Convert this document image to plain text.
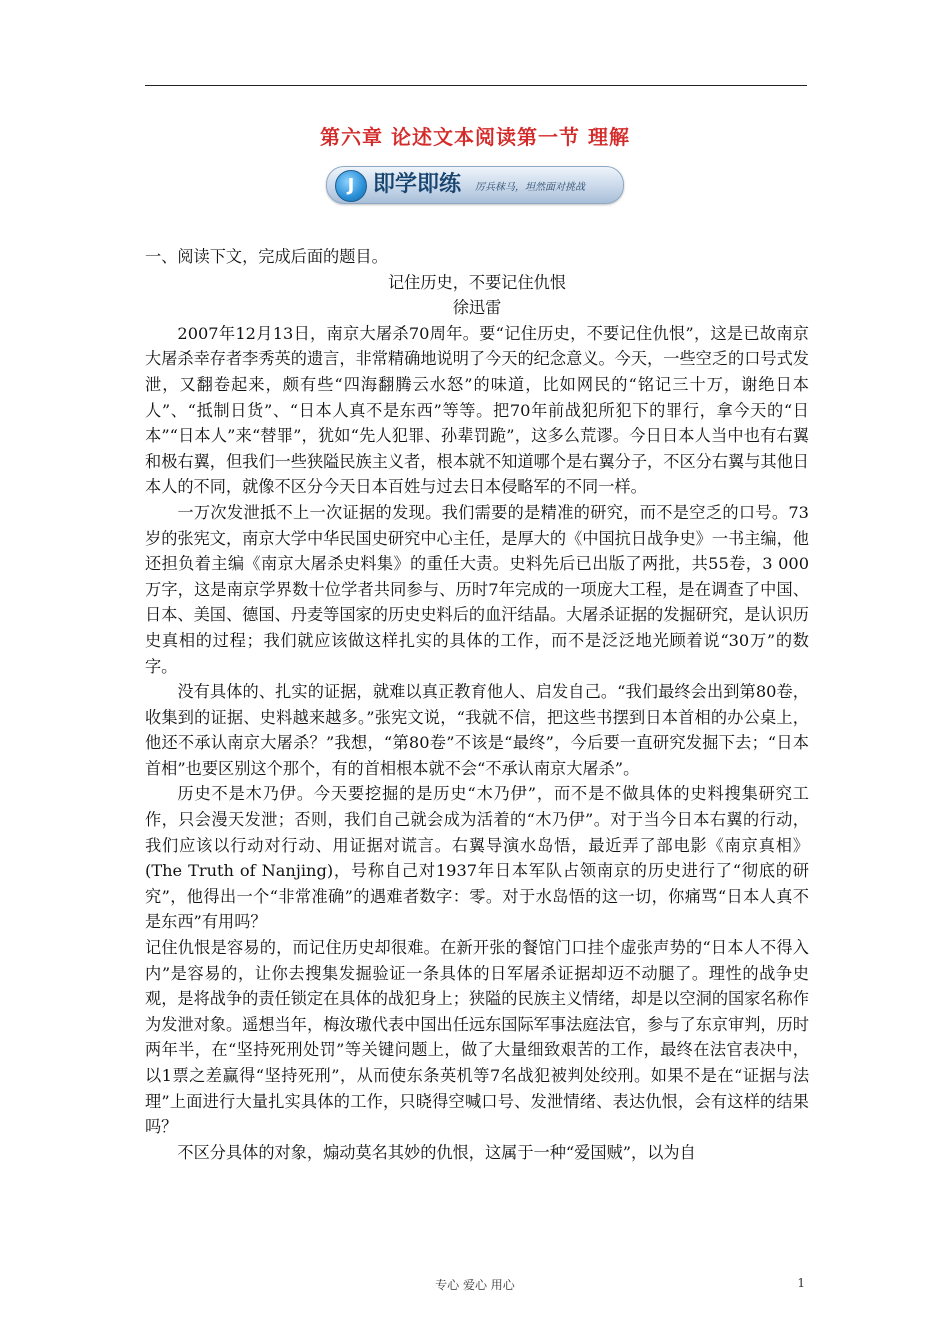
第六章 论述文本阅读第一节 理解
J 即学即练 厉兵秣马，坦然面对挑战

一、阅读下文，完成后面的题目。

记住历史，不要记住仇恨

徐迅雷

2007年12月13日，南京大屠杀70周年。要“记住历史，不要记住仇恨”，这是已故南京大屠杀幸存者李秀英的遗言，非常精确地说明了今天的纪念意义。今天，一些空乏的口号式发泄，又翻卷起来，颇有些“四海翻腾云水怒”的味道，比如网民的“铭记三十万，谢绝日本人”、“抵制日货”、“日本人真不是东西”等等。把70年前战犯所犯下的罪行，拿今天的“日本”“日本人”来“替罪”，犹如“先人犯罪、孙辈罚跪”，这多么荒谬。今日日本人当中也有右翼和极右翼，但我们一些狭隘民族主义者，根本就不知道哪个是右翼分子，不区分右翼与其他日本人的不同，就像不区分今天日本百姓与过去日本侵略军的不同一样。

一万次发泄抵不上一次证据的发现。我们需要的是精准的研究，而不是空乏的口号。73岁的张宪文，南京大学中华民国史研究中心主任，是厚大的《中国抗日战争史》一书主编，他还担负着主编《南京大屠杀史料集》的重任大责。史料先后已出版了两批，共55卷，3 000万字，这是南京学界数十位学者共同参与、历时7年完成的一项庞大工程，是在调查了中国、日本、美国、德国、丹麦等国家的历史史料后的血汗结晶。大屠杀证据的发掘研究，是认识历史真相的过程；我们就应该做这样扎实的具体的工作，而不是泛泛地光顾着说“30万”的数字。

没有具体的、扎实的证据，就难以真正教育他人、启发自己。“我们最终会出到第80卷，收集到的证据、史料越来越多。”张宪文说，“我就不信，把这些书摆到日本首相的办公桌上，他还不承认南京大屠杀？”我想，“第80卷”不该是“最终”，今后要一直研究发掘下去；“日本首相”也要区别这个那个，有的首相根本就不会“不承认南京大屠杀”。

历史不是木乃伊。今天要挖掘的是历史“木乃伊”，而不是不做具体的史料搜集研究工作，只会漫天发泄；否则，我们自己就会成为活着的“木乃伊”。对于当今日本右翼的行动，我们应该以行动对行动、用证据对谎言。右翼导演水岛悟，最近弄了部电影《南京真相》(The Truth of Nanjing)，号称自己对1937年日本军队占领南京的历史进行了“彻底的研究”，他得出一个“非常准确”的遇难者数字：零。对于水岛悟的这一切，你痛骂“日本人真不是东西”有用吗？

记住仇恨是容易的，而记住历史却很难。在新开张的餐馆门口挂个虚张声势的“日本人不得入内”是容易的，让你去搜集发掘验证一条具体的日军屠杀证据却迈不动腿了。理性的战争史观，是将战争的责任锁定在具体的战犯身上；狭隘的民族主义情绪，却是以空洞的国家名称作为发泄对象。遥想当年，梅汝璈代表中国出任远东国际军事法庭法官，参与了东京审判，历时两年半，在“坚持死刑处罚”等关键问题上，做了大量细致艰苦的工作，最终在法官表决中，以1票之差赢得“坚持死刑”，从而使东条英机等7名战犯被判处绞刑。如果不是在“证据与法理”上面进行大量扎实具体的工作，只晓得空喊口号、发泄情绪、表达仇恨，会有这样的结果吗？

不区分具体的对象，煽动莫名其妙的仇恨，这属于一种“爱国贼”，以为自

专心 爱心 用心	1
